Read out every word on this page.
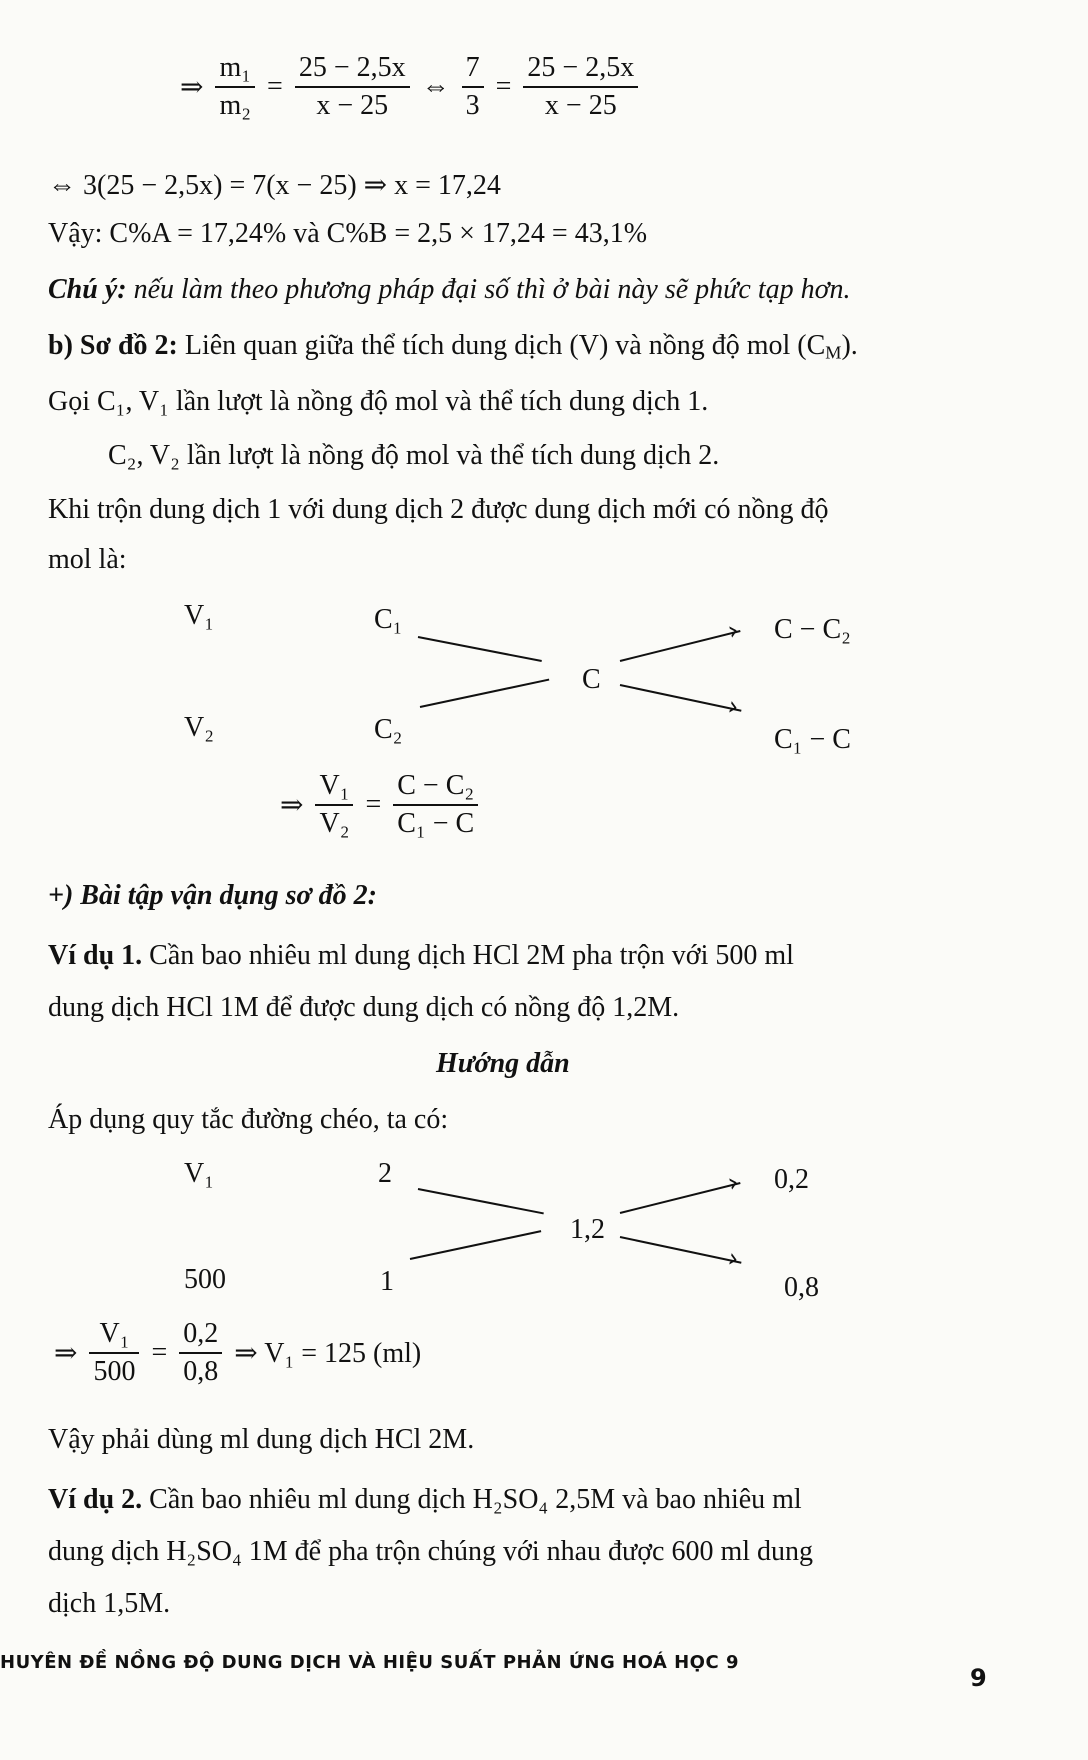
⇒ $\frac{\text{m₁}}{\text{m₂}} = \frac{25 - 2,5x}{x - 25}$ ⇔ $\frac{7}{3} = \frac{25 - 2,5x}{x - 25}$
⇔ 3(25 − 2,5x) = 7(x − 25) ⇒ x = 17,24
Vậy: C%A = 17,24% và C%B = 2,5 × 17,24 = 43,1%
Chú ý: nếu làm theo phương pháp đại số thì ở bài này sẽ phức tạp hơn.
b) Sơ đồ 2: Liên quan giữa thể tích dung dịch (V) và nồng độ mol $(C_M)$.
Gọi C₁, V₁ lần lượt là nồng độ mol và thể tích dung dịch 1.
C₂, V₂ lần lượt là nồng độ mol và thể tích dung dịch 2.
Khi trộn dung dịch 1 với dung dịch 2 được dung dịch mới có nồng độ
mol là:
V₁	C₁
C
V₂	C₂
C − C₂
C₁ − C
›
›
⇒ $\frac{\text{V₁}}{\text{V₂}} = \frac{\text{C − C₂}}{\text{C₁ − C}}$
+) Bài tập vận dụng sơ đồ 2:
Ví dụ 1. Cần bao nhiêu ml dung dịch HCl 2M pha trộn với 500 ml
dung dịch HCl 1M để được dung dịch có nồng độ 1,2M.
Hướng dẫn
Áp dụng quy tắc đường chéo, ta có:
V₁	2
1,2
500	1
0,2
0,8
›
›
⇒ $\frac{\text{V₁}}{500} = \frac{0,2}{0,8}$ ⇒ V₁ = 125 (ml)
Vậy phải dùng ml dung dịch HCl 2M.
Ví dụ 2. Cần bao nhiêu ml dung dịch H₂SO₄ 2,5M và bao nhiêu ml
dung dịch H₂SO₄ 1M để pha trộn chúng với nhau được 600 ml dung
dịch 1,5M.
HUYÊN ĐỀ NỒNG ĐỘ DUNG DỊCH VÀ HIỆU SUẤT PHẢN ỨNG HOÁ HỌC 9
9
